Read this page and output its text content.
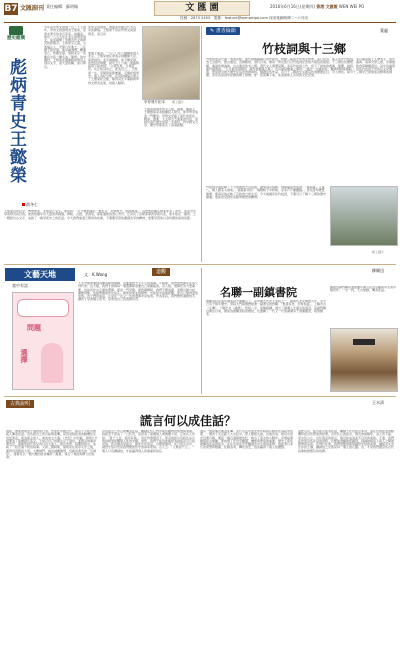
B7 文匯副刊 責任編輯：蘇明翰	文 匯 園	2016年6月16日(星期四) 香港 文匯報 WEN WEI PO
投稿：2873 2453　電郵：feature@wenweipo.com 採用後網路傳二~六刊出
歷史縱橫
彪炳青史王懿榮
薛冬仁
今年是甲骨文發現一百一十七周年，甲骨文的發現者王懿榮，是清末著名的金石學家、收藏家。他於一八九九年在北京發現甲骨文，從而揭開了中國古代文明研究的新篇章。王懿榮字正孺，山東福山人，光緒六年進士，三任國子監祭酒。他學識淵博，精通金石，收藏宏富。當時北京一些藥店出售一種名為「龍骨」的中藥材，王懿榮在服藥時發現其上刻有文字，遂大量收購，加以研究。
甲骨文的發現，被譽為中國近代考古學的開端。王懿榮不但是甲骨文的發現者，而且是
甲骨殘片拓本
愛國主義者。一九〇〇年八國聯軍侵入北京，王懿榮被任命為京師團練大臣，率眾抵抗。北京城破後，他不願受辱，毅然投井殉國，時年五十六歲。他臨終前寫下絕命詞：「主憂臣辱，主辱臣死。於止知其所止，此為近之。」王懿榮一生，學問與氣節兼備，可謂彪炳青史。後人為紀念他，在其故鄉福山建立了王懿榮紀念館，陳列其生平事跡與甲骨文研究成果，供後人瞻仰。
王懿榮發現甲骨文之後，劉鶚、羅振玉、王國維等學者相繼投入研究，使甲骨學成為一門顯學。甲骨文記載了商代的祭祀、戰爭、農業、天文等方方面面的內容，是研究商代歷史的第一手資料，對中國文字學、歷史學都產生了深遠影響。
王懿榮自幼好學，博覽群書，尤嗜金石文字。他曾說：「生平無他嗜好，惟好古，玩物喪志，貽誤終身。」其實他收藏古物並非為了賞玩，而是出於學術研究的目的。他的收藏中有大量的青銅器、碑帖、古錢、書畫等，都經過他的悉心考訂。正是有了這樣深厚的學術功底，他才能在「龍骨」上一眼認出古文字，成就了一樁學術史上的佳話。今天我們重溫王懿榮的故事，不僅要學習他嚴謹治學的精神，更要學習他以身許國的高尚氣節。
網上圖片
✎ 書香倫韻	葉麗
竹枝詞與十三鄉
竹枝詞原是巴渝一帶的民歌，唐代劉禹錫據以改作新詞，歌詠三峽風光和男女戀情，盛行於世。後人所作竹枝詞，多以描寫風土人情為主，形式為七言絕句，語言通俗，音調輕快。清代以來，廣東一帶也流行以竹枝詞記述地方風俗的風氣。十三鄉位於順德、番禺、南海交界之處，水網縱橫，桑基魚塘遍佈，自古便是魚米之鄉。清代文人游歷其間，多有竹枝詞之作，記下了當地的農事、節慶、婚嫁、飲食等種種習俗。其中有描寫龍舟競渡的：「五月榴花照眼明，龍舟鼓響滿江城。」也有描寫蠶桑之事的：「桑田一片綠如雲，蠶婦朝朝採葉勤。」這些竹枝詞不但具有文學價值，更是研究地方歷史民俗的珍貴資料。細讀這些作品，昔日十三鄉的生活圖景彷彿歷歷在目，令人神往。如今十三鄉早已發展成為繁華的城鎮，但這些詩詞所記錄的鄉土情懷，卻一直流傳下來，成為當地人共同的文化記憶。
竹枝詞中還記錄了不少當地的方言俗語，讀來別有風味。例如描寫市集的：「墟期逢三又逢八，鄉人擔菜入城來。」描寫節令的：「端陽粽子中秋餅，家家戶戶慶團圓。」這些詩句樸實無華，卻真切地反映了百姓的日常生活。今天重讀這些竹枝詞，不僅可以了解十三鄉的歷史變遷，更能感受到先民勤勞樸實的精神。
網上圖片
文藝天地
童中有話
文：K.Wong
問題
選擇
人生中總會遇到各種各樣的問題，也要面對大大小小的選擇。小時候，我們的選擇往往由父母代勞；長大後，我們才發現每一個選擇都需要自己承擔後果。有人說，選擇比努力更重要，但如何作出正確的選擇，卻是一門學問。面對問題時，我們不應逃避，而應冷靜分析，權衡利弊，然後勇敢地作出決定。即使結果未如理想，也能從中汲取經驗，使自己變得更加成熟。孩子們的成長，正是在一次又一次的選擇中完成的。作為家長，我們應該適當放手，讓孩子學會獨立思考，學會為自己的選擇負責。
道觀	柳爾迅
名聯一副鎮書院
嶽麓書院坐落於湖南長沙嶽麓山下，是中國古代四大書院之一，創建於北宋開寶九年，至今已有千餘年歷史。書院大門兩側懸掛著一副著名的對聯：「惟楚有材，於斯為盛。」上聯出自《左傳》，下聯出自《論語》，短短八字，氣勢磅礴，道出了湖湘人才輩出的盛況。這副對聯自問世以來，便成為嶽麓書院的標誌，也激勵了一代又一代的湖湘學子發奮讀書，報效國家。
據說這副對聯是清嘉慶年間山長袁名曜與學生張中階所作，一出一對，天衣無縫，傳為佳話。
古典說明	王水清
謊言何以成佳話？
說謊，歷來被視為不道德的行為。然而在中國古代，卻有不少謊言被後人傳為佳話。這些謊言之所以能夠流傳，是因為說謊者的動機往往出於善意，或為保全他人，或為成全大義。《史記》中記載，晉國大夫程嬰為了保護趙氏孤兒，不惜以自己的親生兒子頂替，並假意向屠岸賈告密，最終使趙氏孤兒得以長大成人，報仇雪恨。程嬰的謊言，成就了一段忠義千秋的故事。又如三國時期，諸葛亮在街亭失守之後，面對司馬懿的大軍，大開城門，端坐城樓撫琴，這就是著名的「空城計」。諸葛亮以一個大膽的謊言嚇退了敵軍，保全了城池和將士的性命。
這些謊言之所以被傳為佳話，關鍵在於它們背後所體現的智慧與道義。說謊者不是為了一己私利，而是為了保護他人或維護大局。正如古人所說：「君子之言，信而有徵。」但在特殊情況下，善意的謊言有時比冰冷的真相更能體現人性的光輝。當然，我們不能因此就認為說謊是可以接受的。謊言畢竟是謊言，即使出於善意，也應當慎用。在日常生活中，誠實守信仍然是我們應當堅守的基本原則。古人云：「人無信不立。」一個人只有講誠信，才能贏得別人的尊重和信任。
還有一則故事也廣為流傳。宋代名臣司馬光幼年時與小夥伴在庭院中玩耍，一個孩子失足跌入大水缸中，眾人驚慌失措，四散奔逃。唯有司馬光沉著冷靜，搬起一塊石頭砸破水缸，救出了落水的小夥伴。這個故事雖與謊言無關，卻說明了在危急關頭，機智與勇氣的重要。歷史上那些被傳為佳話的謊言，往往也是在危急關頭急中生智的產物。說謊者以非凡的智慧和膽識，化險為夷，轉危為安，因而贏得了後人的讚譽。
由此可見，謊言能否成為佳話，關鍵不在於謊言本身，而在於說謊者的動機和謊言所帶來的結果。出於私心的謊言，終究會被揭穿，為人所不齒；而出於公心、出於善意的謊言，則可能成為流芳百世的美談。不過，我們在欣賞這些佳話的同時，也應當清醒地認識到，真誠始終是人與人之間最寶貴的品質。在現代社會，我們更應當提倡誠實守信的美德，讓謊言失去生存的土壤，讓誠信之光照亮每一個人的心靈。這，才是我們讀這些古代故事時最應有的收穫。
